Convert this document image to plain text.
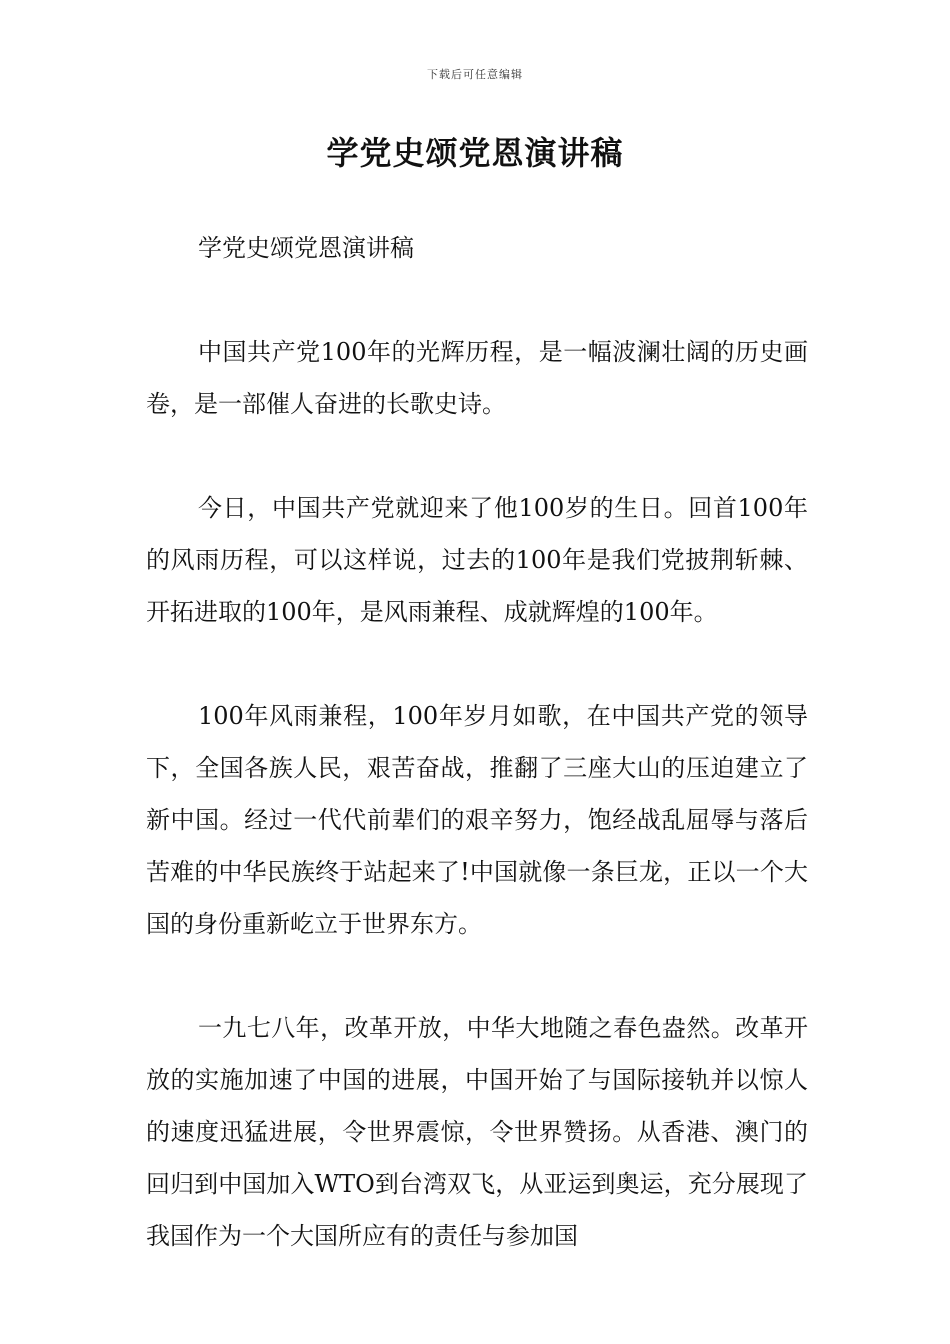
下载后可任意编辑
学党史颂党恩演讲稿

学党史颂党恩演讲稿

中国共产党100年的光辉历程，是一幅波澜壮阔的历史画卷，是一部催人奋进的长歌史诗。

今日，中国共产党就迎来了他100岁的生日。回首100年的风雨历程，可以这样说，过去的100年是我们党披荆斩棘、开拓进取的100年，是风雨兼程、成就辉煌的100年。

100年风雨兼程，100年岁月如歌，在中国共产党的领导下，全国各族人民，艰苦奋战，推翻了三座大山的压迫建立了新中国。经过一代代前辈们的艰辛努力，饱经战乱屈辱与落后苦难的中华民族终于站起来了!中国就像一条巨龙，正以一个大国的身份重新屹立于世界东方。

一九七八年，改革开放，中华大地随之春色盎然。改革开放的实施加速了中国的进展，中国开始了与国际接轨并以惊人的速度迅猛进展，令世界震惊，令世界赞扬。从香港、澳门的回归到中国加入WTO到台湾双飞，从亚运到奥运，充分展现了我国作为一个大国所应有的责任与参加国
